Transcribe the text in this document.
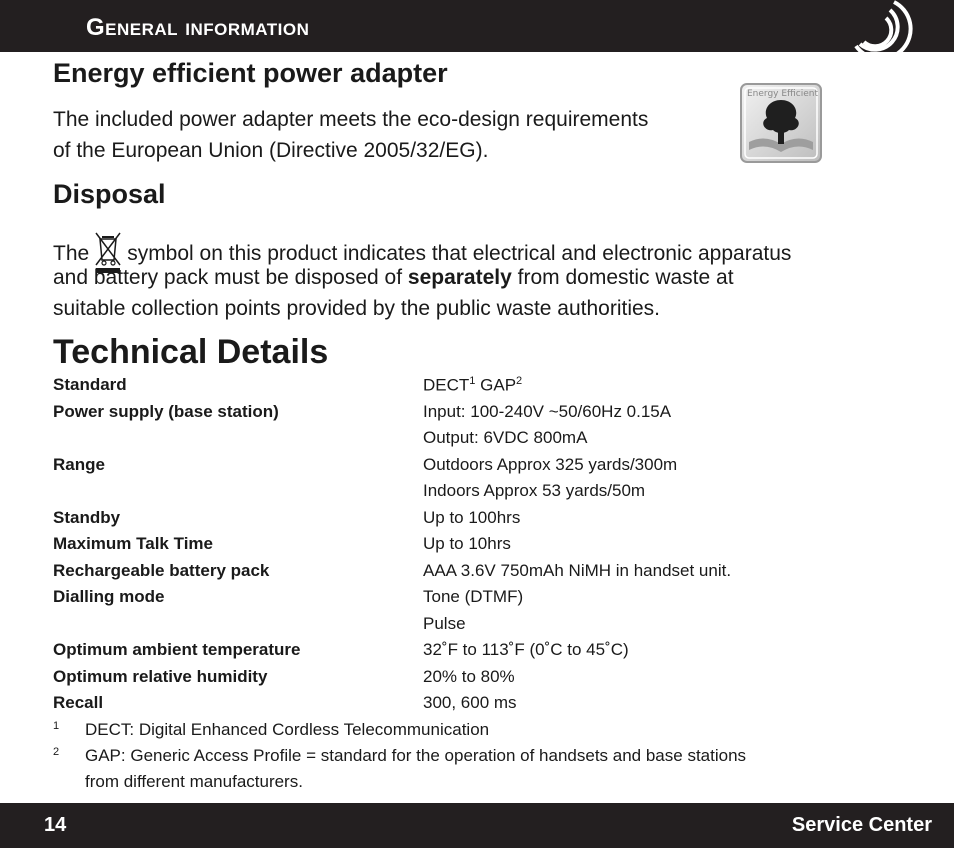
General information
Energy efficient power adapter

The included power adapter meets the eco-design requirements

of the European Union (Directive 2005/32/EG).

Energy Efficient
Disposal

The symbol on this product indicates that electrical and electronic apparatus

and battery pack must be disposed of separately from domestic waste at

suitable collection points provided by the public waste authorities.

Technical Details
Standard	DECT$^1$ GAP$^2$
Power supply (base station)	Input: 100-240V ~50/60Hz 0.15A
Output: 6VDC 800mA
Range	Outdoors Approx 325 yards/300m
Indoors Approx 53 yards/50m
Standby	Up to 100hrs
Maximum Talk Time	Up to 10hrs
Rechargeable battery pack	AAA 3.6V 750mAh NiMH in handset unit.
Dialling mode	Tone (DTMF)
Pulse
Optimum ambient temperature	32˚F to 113˚F (0˚C to 45˚C)
Optimum relative humidity	20% to 80%
Recall	300, 600 ms
1	DECT: Digital Enhanced Cordless Telecommunication
2	GAP: Generic Access Profile = standard for the operation of handsets and base stations
from different manufacturers.
14	Service Center
